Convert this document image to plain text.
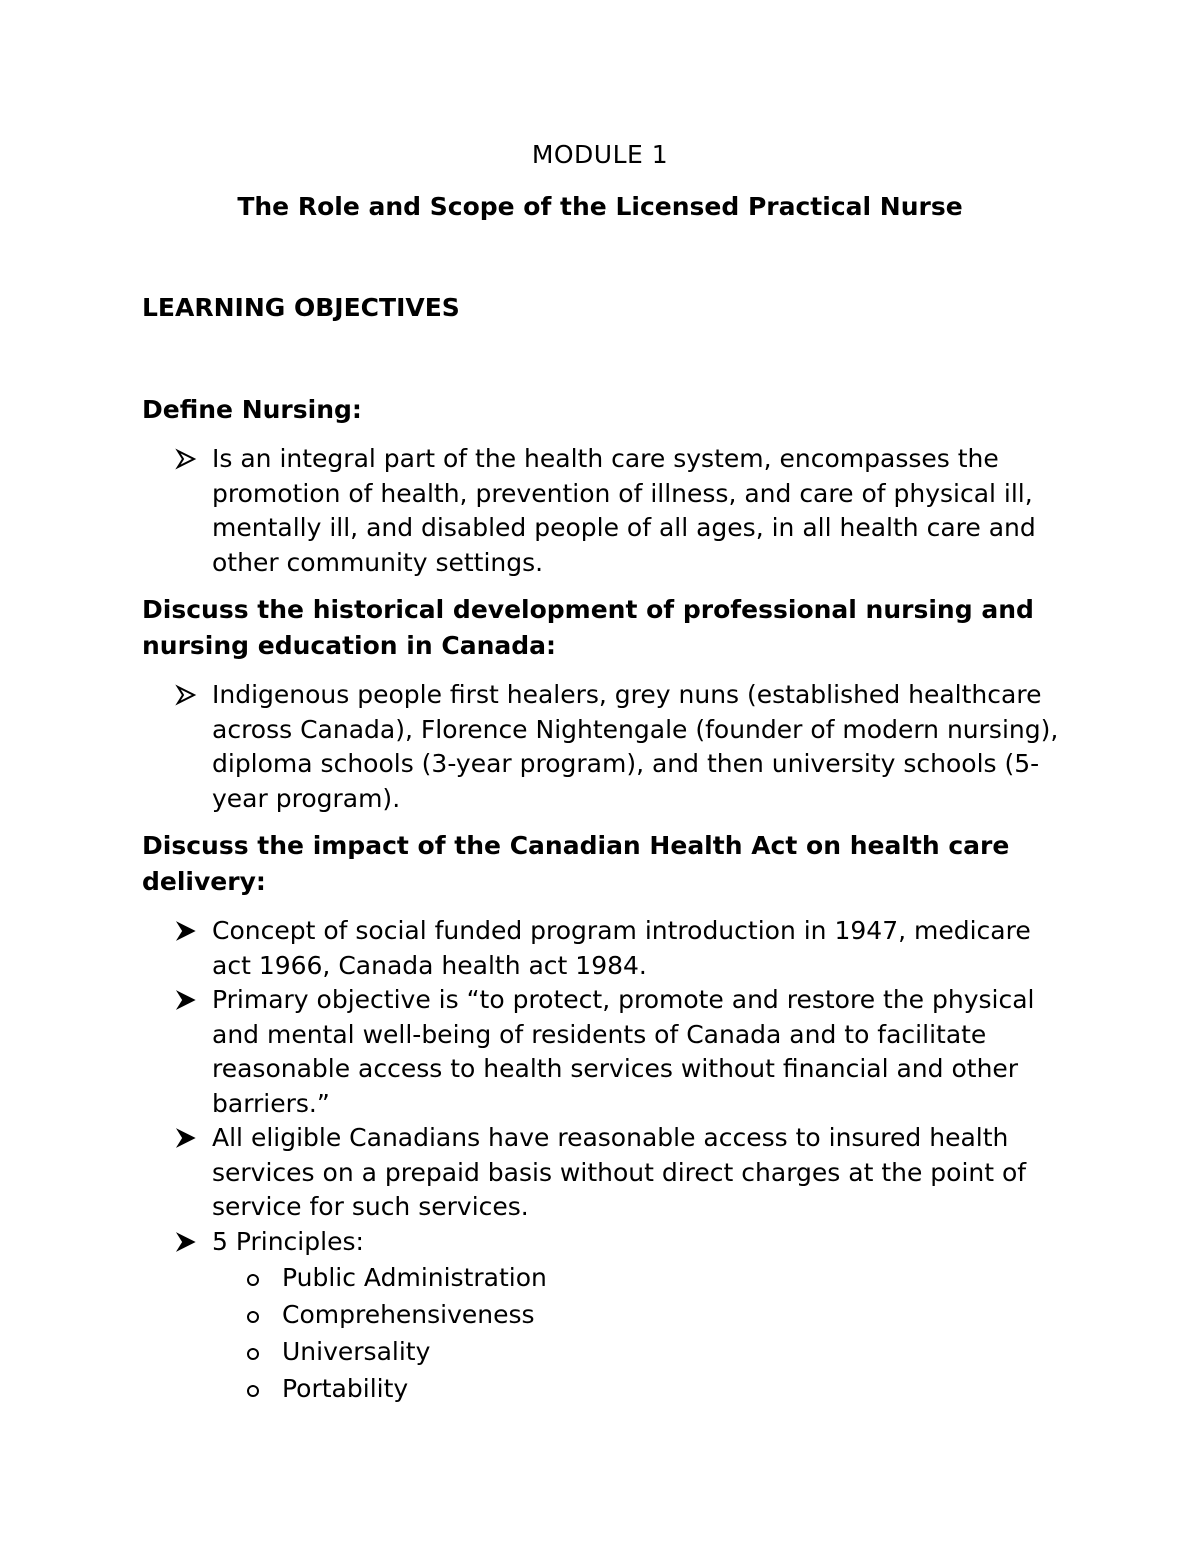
MODULE 1
The Role and Scope of the Licensed Practical Nurse
LEARNING OBJECTIVES

Define Nursing:

Is an integral part of the health care system, encompasses the promotion of health, prevention of illness, and care of physical ill, mentally ill, and disabled people of all ages, in all health care and other community settings.

Discuss the historical development of professional nursing and nursing education in Canada:

Indigenous people first healers, grey nuns (established healthcare across Canada), Florence Nightengale (founder of modern nursing), diploma schools (3-year program), and then university schools (5-year program).

Discuss the impact of the Canadian Health Act on health care delivery:

Concept of social funded program introduction in 1947, medicare act 1966, Canada health act 1984.
Primary objective is “to protect, promote and restore the physical and mental well-being of residents of Canada and to facilitate reasonable access to health services without financial and other barriers.”
All eligible Canadians have reasonable access to insured health services on a prepaid basis without direct charges at the point of service for such services.
5 Principles:
Public Administration
Comprehensiveness
Universality
Portability
